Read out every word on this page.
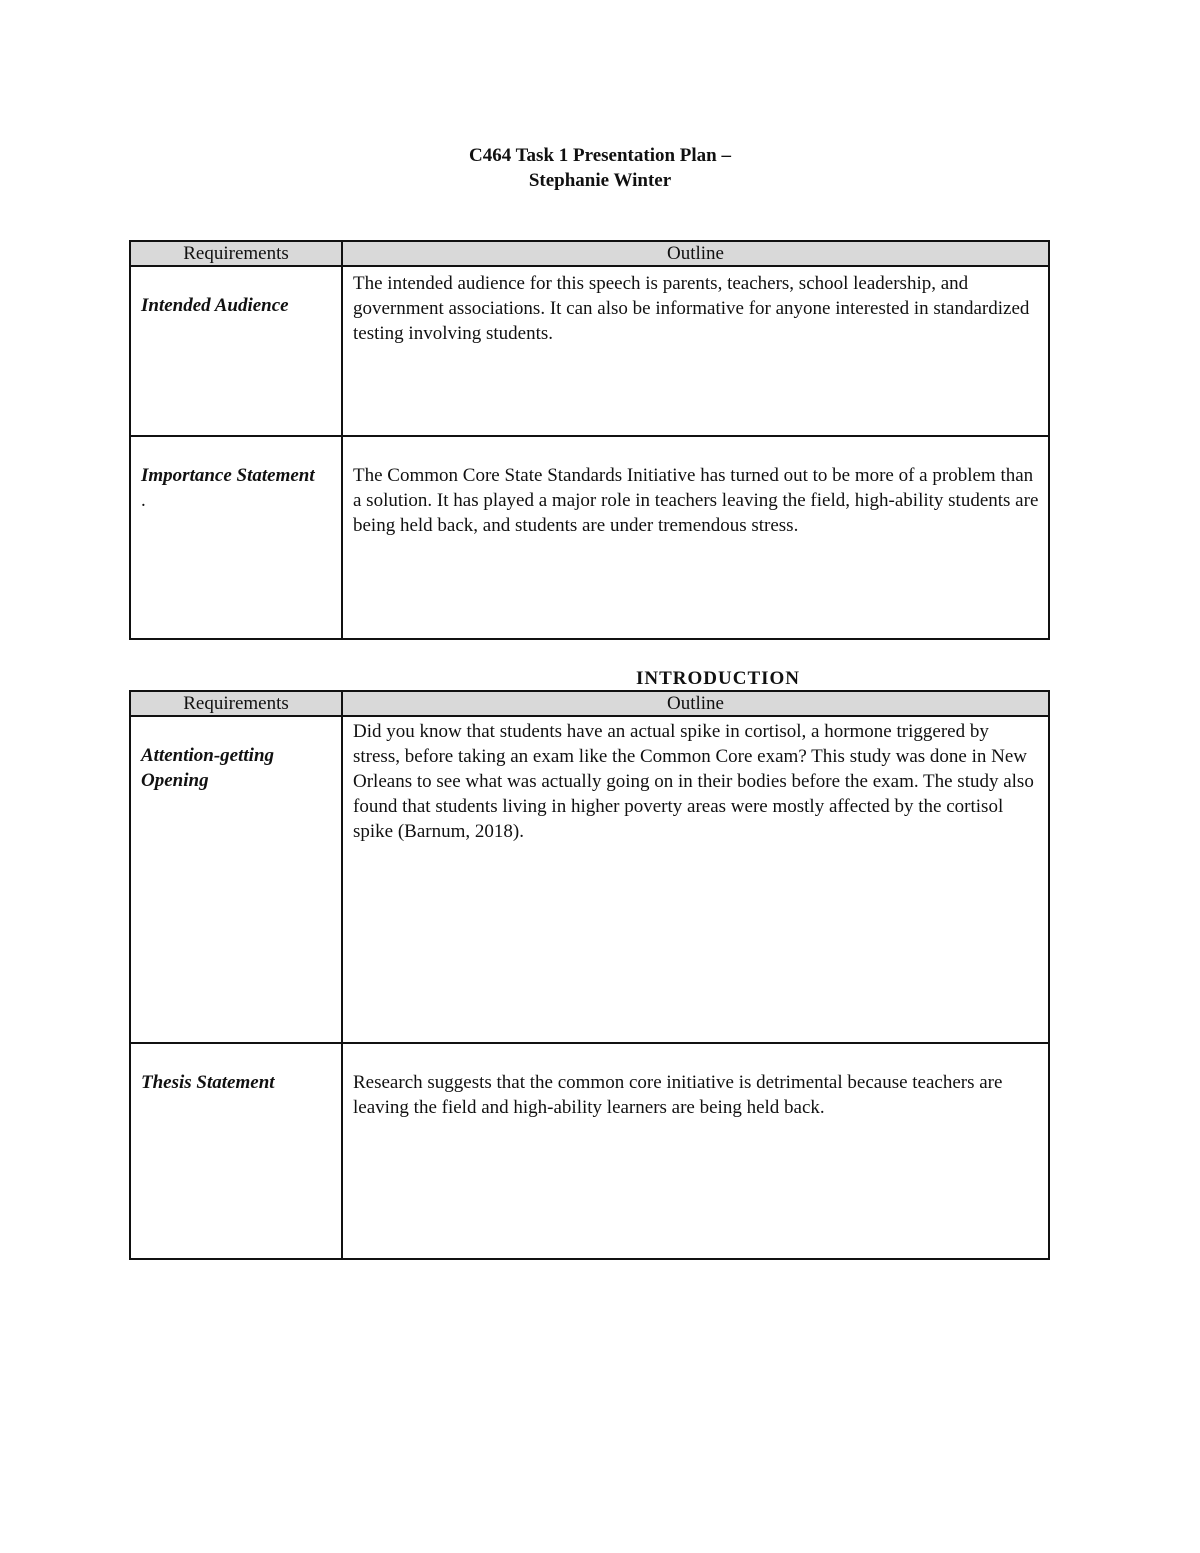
C464 Task 1 Presentation Plan –
Stephanie Winter
Requirements	Outline
Intended Audience	The intended audience for this speech is parents, teachers, school leadership, and government associations. It can also be informative for anyone interested in standardized testing involving students.
Importance Statement
.	The Common Core State Standards Initiative has turned out to be more of a problem than a solution. It has played a major role in teachers leaving the field, high-ability students are being held back, and students are under tremendous stress.
INTRODUCTION
Requirements	Outline
Attention-getting Opening	Did you know that students have an actual spike in cortisol, a hormone triggered by stress, before taking an exam like the Common Core exam? This study was done in New Orleans to see what was actually going on in their bodies before the exam. The study also found that students living in higher poverty areas were mostly affected by the cortisol spike (Barnum, 2018).
Thesis Statement	Research suggests that the common core initiative is detrimental because teachers are leaving the field and high-ability learners are being held back.
